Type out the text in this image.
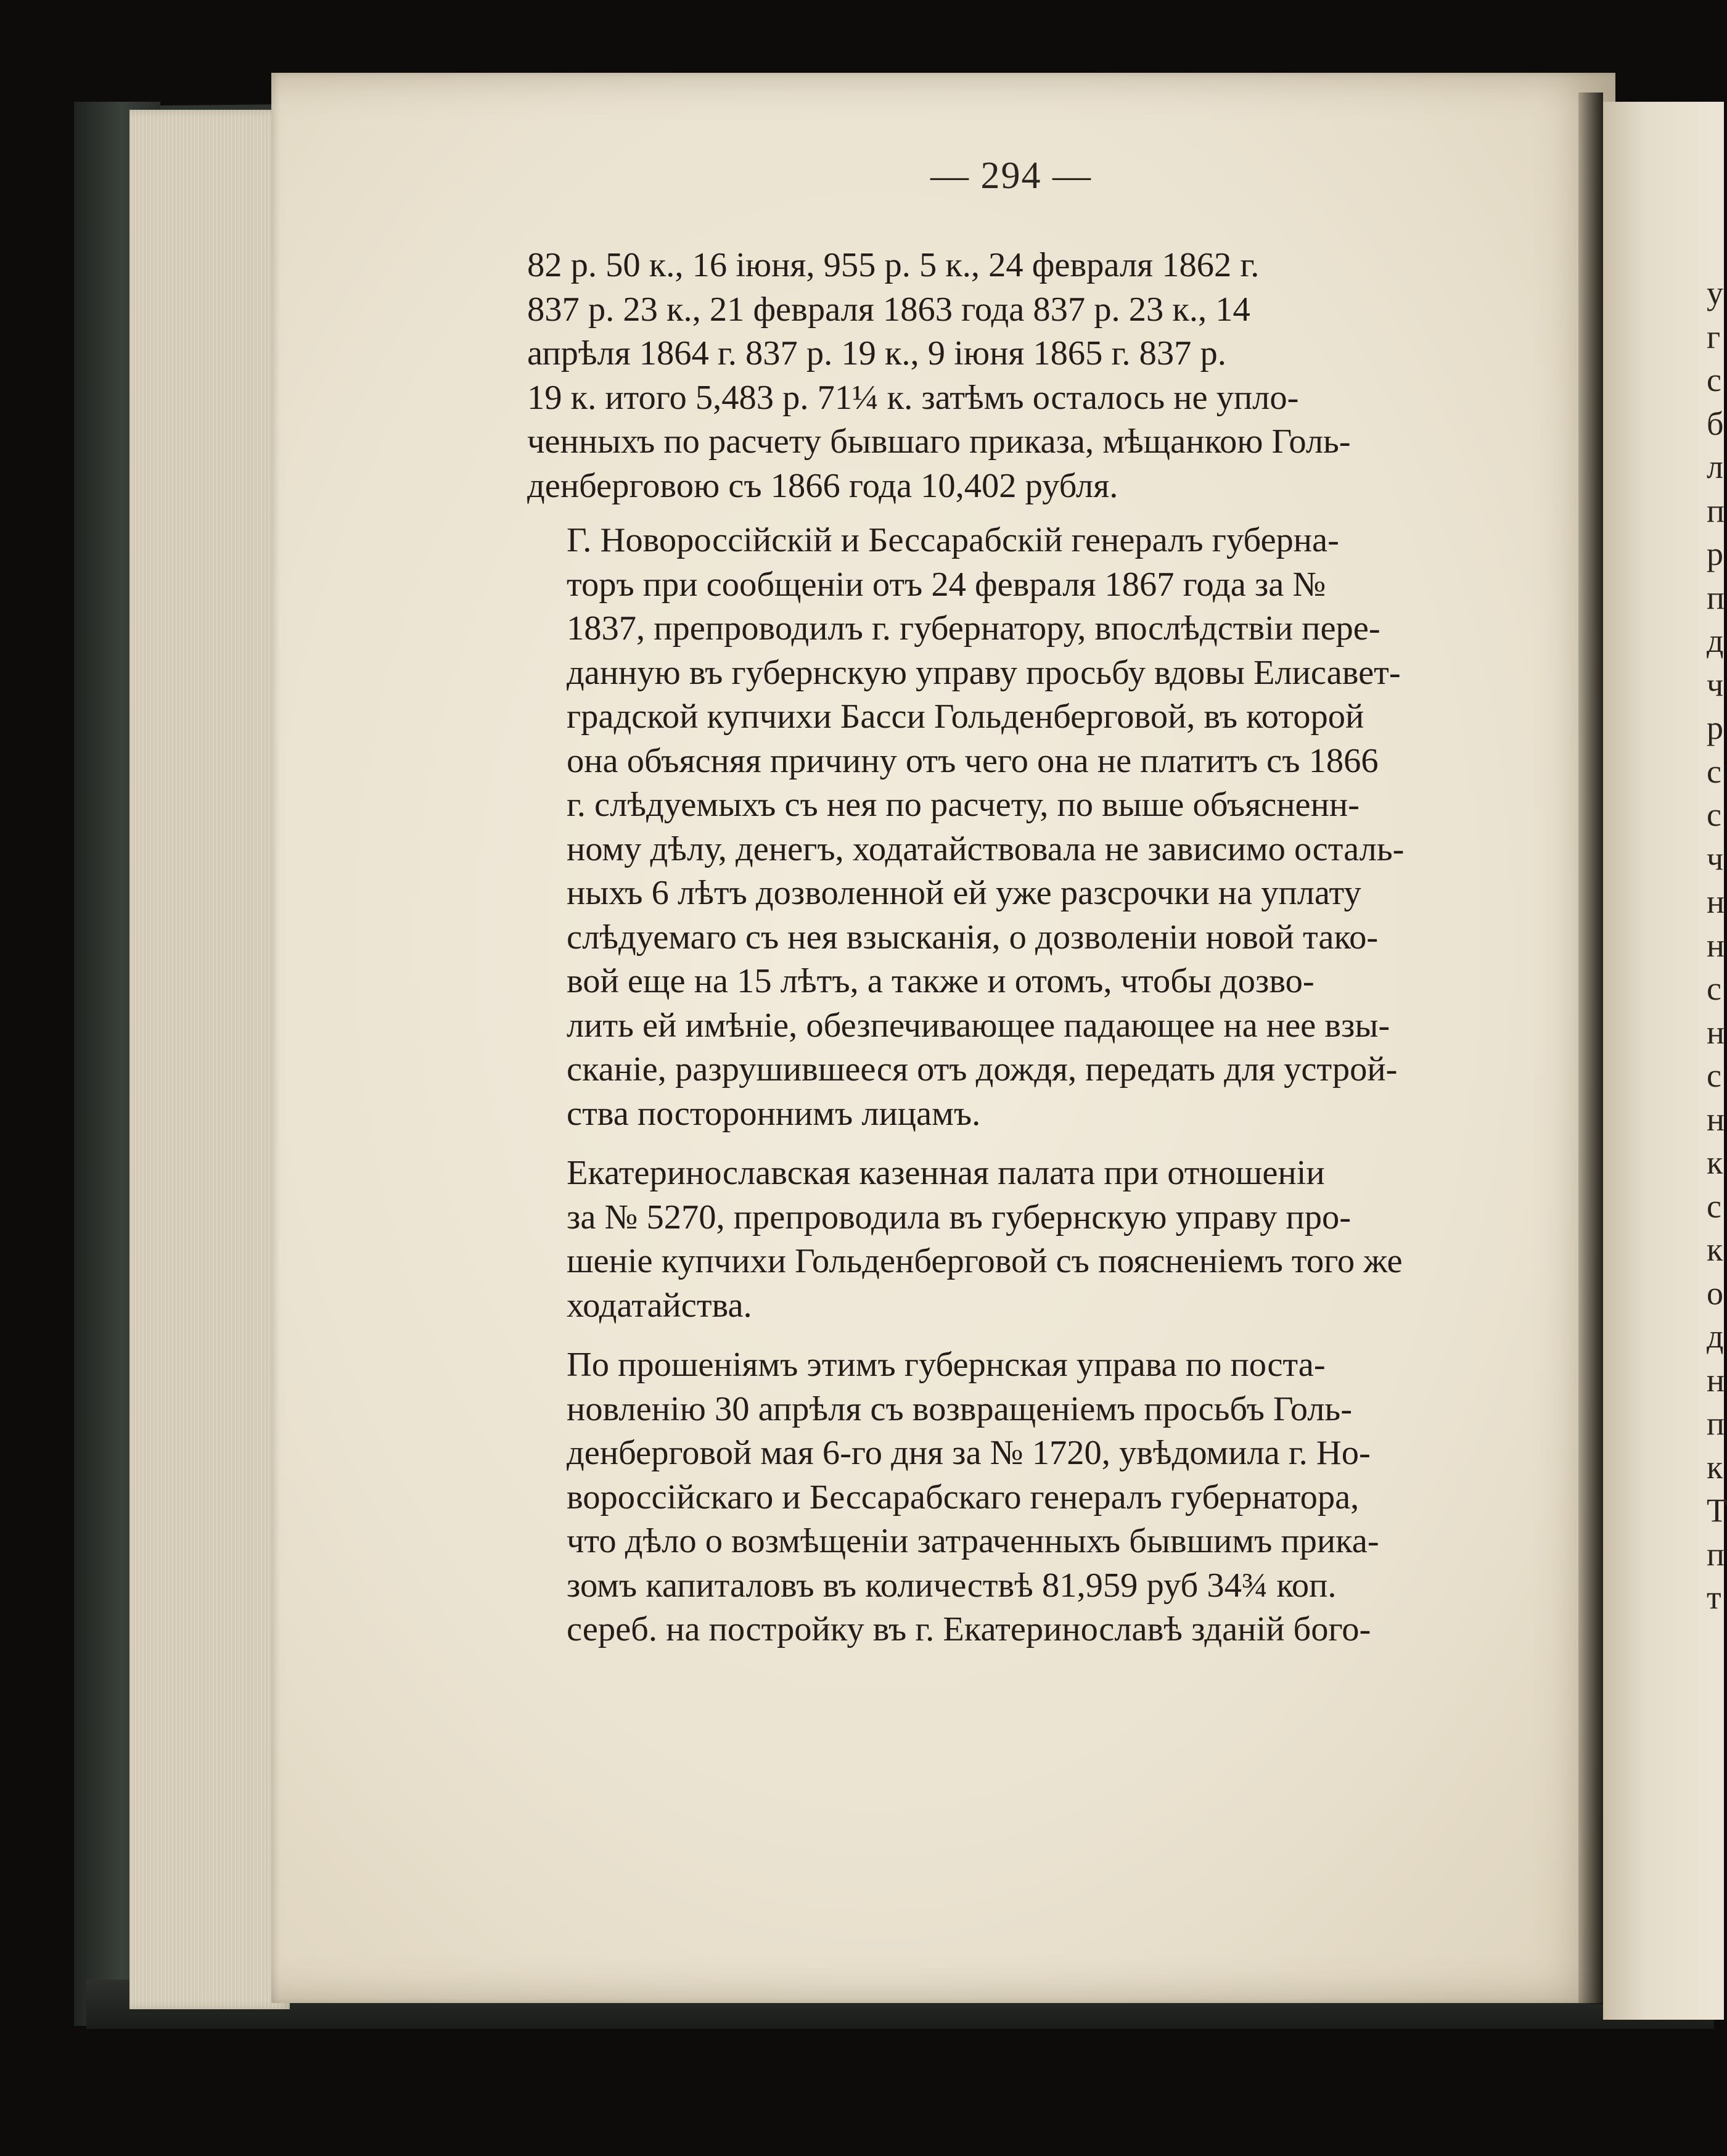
— 294 —

82 р. 50 к., 16 іюня, 955 р. 5 к., 24 февраля 1862 г.
837 р. 23 к., 21 февраля 1863 года 837 р. 23 к., 14
апрѣля 1864 г. 837 р. 19 к., 9 іюня 1865 г. 837 р.
19 к. итого 5,483 р. 71¼ к. затѣмъ осталось не упло-
ченныхъ по расчету бывшаго приказа, мѣщанкою Голь-
денберговою съ 1866 года 10,402 рубля.

Г. Новороссійскій и Бессарабскій генералъ губерна-
торъ при сообщеніи отъ 24 февраля 1867 года за №
1837, препроводилъ г. губернатору, впослѣдствіи пере-
данную въ губернскую управу просьбу вдовы Елисавет-
градской купчихи Басси Гольденберговой, въ которой
она объясняя причину отъ чего она не платитъ съ 1866
г. слѣдуемыхъ съ нея по расчету, по выше объясненн-
ному дѣлу, денегъ, ходатайствовала не зависимо осталь-
ныхъ 6 лѣтъ дозволенной ей уже разсрочки на уплату
слѣдуемаго съ нея взысканія, о дозволеніи новой тако-
вой еще на 15 лѣтъ, а также и отомъ, чтобы дозво-
лить ей имѣніе, обезпечивающее падающее на нее взы-
сканіе, разрушившееся отъ дождя, передать для устрой-
ства постороннимъ лицамъ.

Екатеринославская казенная палата при отношеніи
за № 5270, препроводила въ губернскую управу про-
шеніе купчихи Гольденберговой съ поясненіемъ того же
ходатайства.

По прошеніямъ этимъ губернская управа по поста-
новленію 30 апрѣля съ возвращеніемъ просьбъ Голь-
денберговой мая 6-го дня за № 1720, увѣдомила г. Но-
вороссійскаго и Бессарабскаго генералъ губернатора,
что дѣло о возмѣщеніи затраченныхъ бывшимъ прика-
зомъ капиталовъ въ количествѣ 81,959 руб 34¾ коп.
сереб. на постройку въ г. Екатеринославѣ зданій бого-

у
г
с
б
л
п
р
п
д
ч
р
с
с
ч
н
н
с
н
с
н
к
с
к
о
д
н
п
к
Т
п
т
